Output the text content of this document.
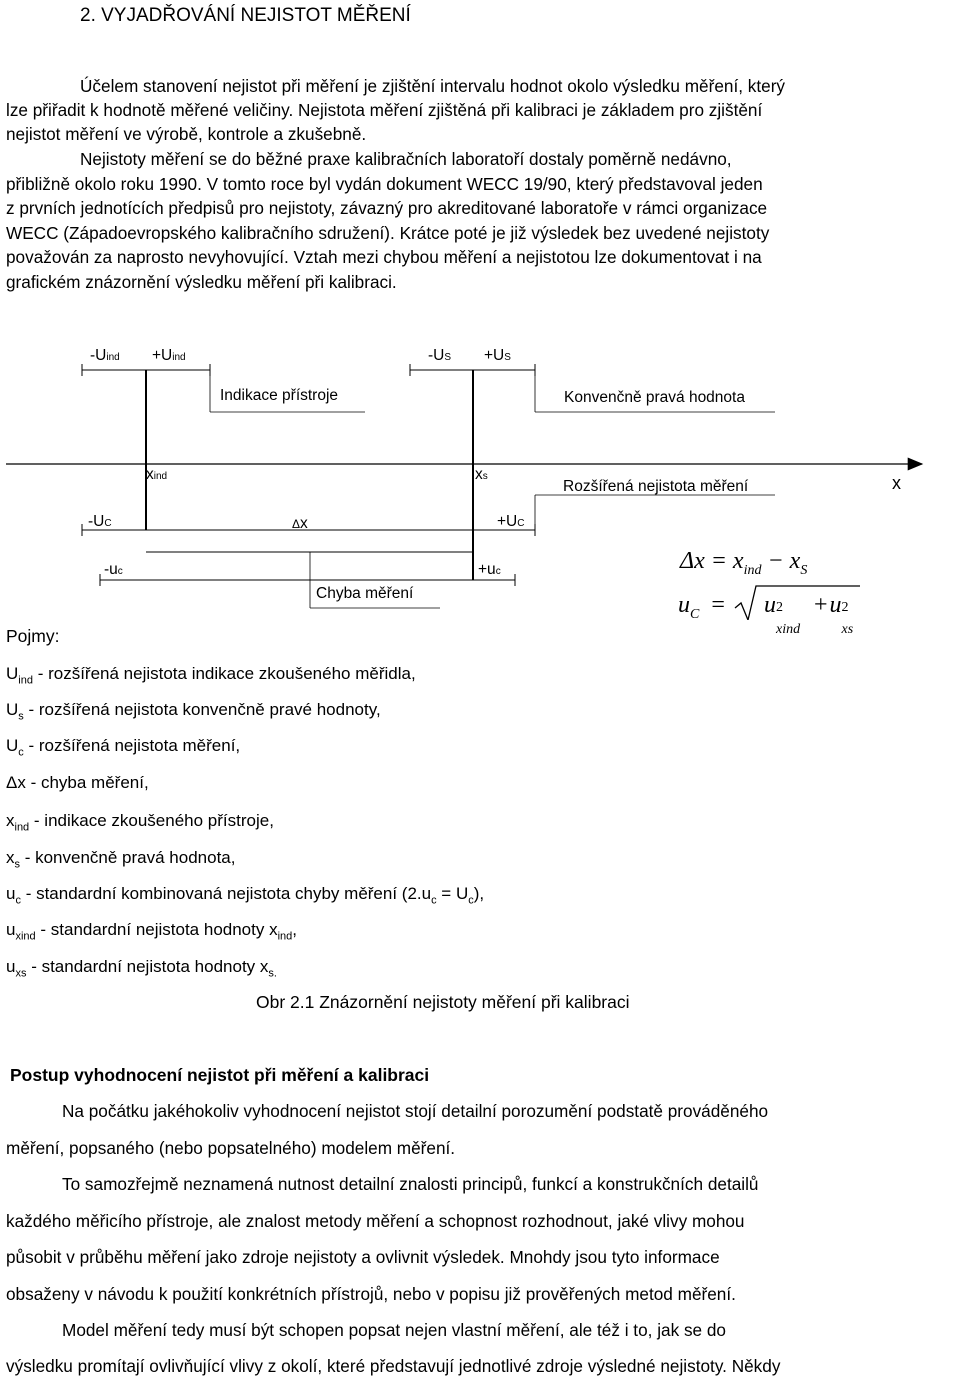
2. VYJADŘOVÁNÍ NEJISTOT MĚŘENÍ
Účelem stanovení nejistot při měření je zjištění intervalu hodnot okolo výsledku měření, který
lze přiřadit k hodnotě měřené veličiny. Nejistota měření zjištěná při kalibraci je základem pro zjištění
nejistot měření ve výrobě, kontrole a zkušebně.
Nejistoty měření se do běžné praxe kalibračních laboratoří dostaly poměrně nedávno,
přibližně okolo roku 1990. V tomto roce byl vydán dokument WECC 19/90, který představoval jeden
z prvních jednotících předpisů pro nejistoty, závazný pro akreditované laboratoře v rámci organizace
WECC (Západoevropského kalibračního sdružení). Krátce poté je již výsledek bez uvedené nejistoty
považován za naprosto nevyhovující. Vztah mezi chybou měření a nejistotou lze dokumentovat i na
grafickém znázornění výsledku měření při kalibraci.
-Uind +Uind	-US +US
Indikace přístroje	Konvenčně pravá hodnota
xind	xs
Rozšířená nejistota měření	x
-UC	Δx	+UC
-uc	+uc
Chyba měření
$\Delta x = x_{ind} - x_S$
$u_C = u$ 2
xind
+u 2
xs
Pojmy:
$U_{ind}$ - rozšířená nejistota indikace zkoušeného měřidla,
$U_s$ - rozšířená nejistota konvenčně pravé hodnoty,
$U_c$ - rozšířená nejistota měření,
Δx - chyba měření,
$x_{ind}$ - indikace zkoušeného přístroje,
$x_s$ - konvenčně pravá hodnota,
$u_c$ - standardní kombinovaná nejistota chyby měření $(2.u_c = U_c)$,
$u_{xind}$ - standardní nejistota hodnoty $x_{ind}$,
$u_{xs}$ - standardní nejistota hodnoty $x_{s.}$
Obr 2.1 Znázornění nejistoty měření při kalibraci
Postup vyhodnocení nejistot při měření a kalibraci
Na počátku jakéhokoliv vyhodnocení nejistot stojí detailní porozumění podstatě prováděného
měření, popsaného (nebo popsatelného) modelem měření.
To samozřejmě neznamená nutnost detailní znalosti principů, funkcí a konstrukčních detailů
každého měřicího přístroje, ale znalost metody měření a schopnost rozhodnout, jaké vlivy mohou
působit v průběhu měření jako zdroje nejistoty a ovlivnit výsledek. Mnohdy jsou tyto informace
obsaženy v návodu k použití konkrétních přístrojů, nebo v popisu již prověřených metod měření.
Model měření tedy musí být schopen popsat nejen vlastní měření, ale též i to, jak se do
výsledku promítají ovlivňující vlivy z okolí, které představují jednotlivé zdroje výsledné nejistoty. Někdy
